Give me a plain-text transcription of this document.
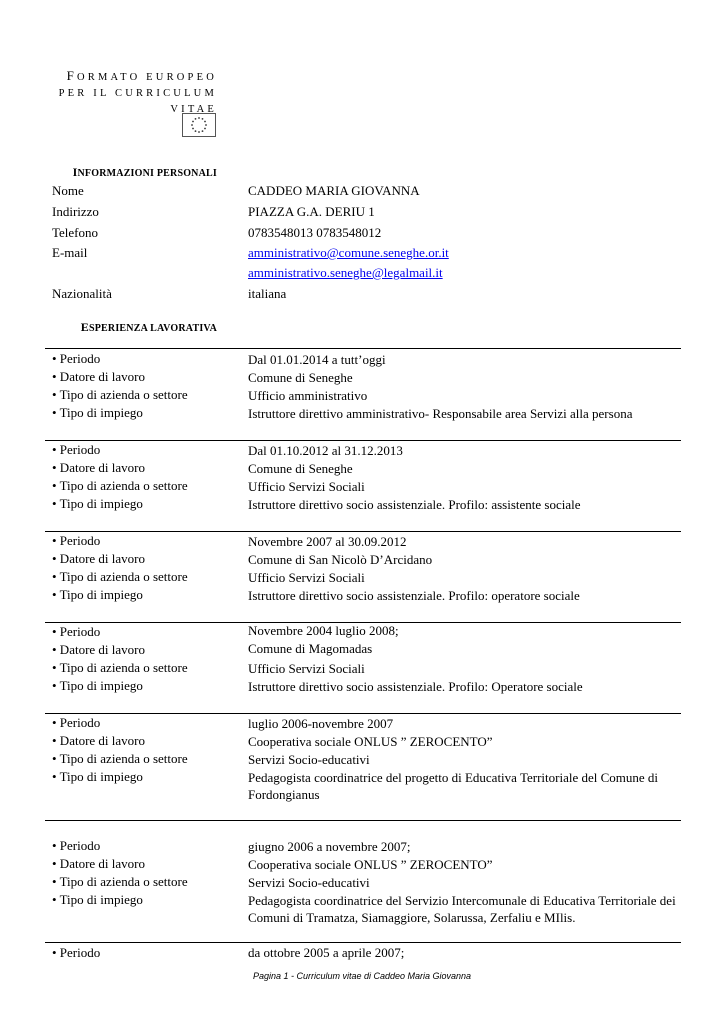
FORMATO EUROPEO
PER IL CURRICULUM
VITAE
INFORMAZIONI PERSONALI
Nome	CADDEO MARIA GIOVANNA
Indirizzo	PIAZZA G.A. DERIU 1
Telefono	0783548013 0783548012
E-mail	amministrativo@comune.seneghe.or.it
amministrativo.seneghe@legalmail.it
Nazionalità	italiana
ESPERIENZA LAVORATIVA
• Periodo	Dal 01.01.2014 a tutt’oggi
• Datore di lavoro	Comune di Seneghe
• Tipo di azienda o settore	Ufficio amministrativo
• Tipo di impiego	Istruttore direttivo amministrativo- Responsabile area Servizi alla persona
• Periodo	Dal 01.10.2012 al 31.12.2013
• Datore di lavoro	Comune di Seneghe
• Tipo di azienda o settore	Ufficio Servizi Sociali
• Tipo di impiego	Istruttore direttivo socio assistenziale. Profilo: assistente sociale
• Periodo	Novembre 2007 al 30.09.2012
• Datore di lavoro	Comune di San Nicolò D’Arcidano
• Tipo di azienda o settore	Ufficio Servizi Sociali
• Tipo di impiego	Istruttore direttivo socio assistenziale. Profilo: operatore sociale
• Periodo	Novembre 2004 luglio 2008;
• Datore di lavoro	Comune di Magomadas
• Tipo di azienda o settore	Ufficio Servizi Sociali
• Tipo di impiego	Istruttore direttivo socio assistenziale. Profilo: Operatore sociale
• Periodo	luglio 2006-novembre 2007
• Datore di lavoro	Cooperativa sociale ONLUS ” ZEROCENTO”
• Tipo di azienda o settore	Servizi Socio-educativi
• Tipo di impiego	Pedagogista coordinatrice del progetto di Educativa Territoriale del Comune di Fordongianus
• Periodo	giugno 2006 a novembre 2007;
• Datore di lavoro	Cooperativa sociale ONLUS ” ZEROCENTO”
• Tipo di azienda o settore	Servizi Socio-educativi
• Tipo di impiego	Pedagogista coordinatrice del Servizio Intercomunale di Educativa Territoriale dei Comuni di Tramatza, Siamaggiore, Solarussa, Zerfaliu e MIlis.
• Periodo	da ottobre 2005 a aprile 2007;
Pagina 1 - Curriculum vitae di Caddeo Maria Giovanna
